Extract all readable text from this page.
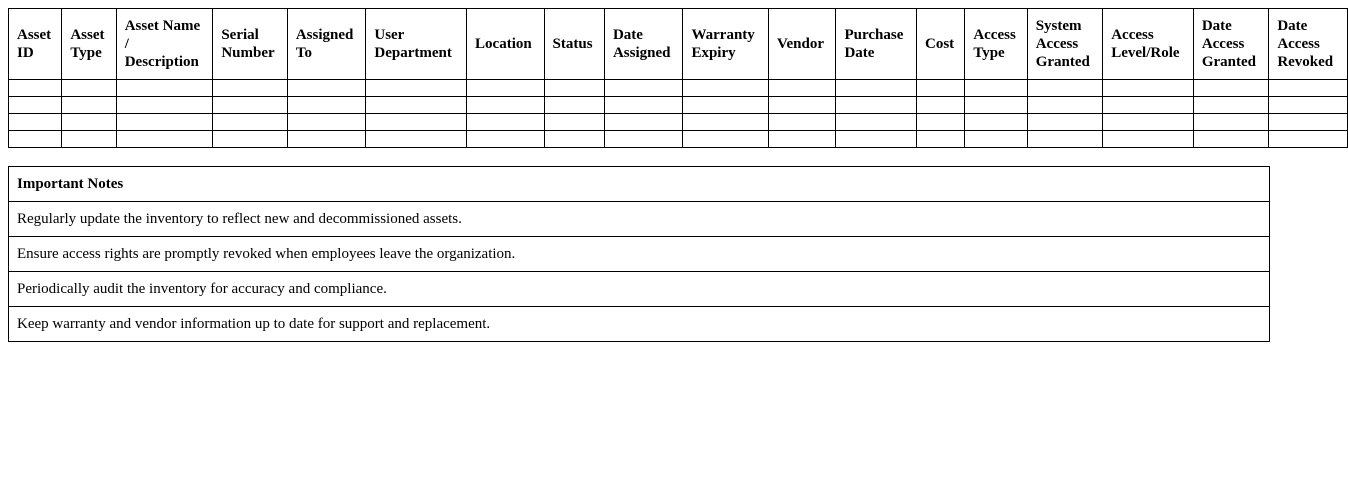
Asset ID	Asset Type	Asset Name / Description	Serial Number	Assigned To	User Department	Location	Status	Date Assigned	Warranty Expiry	Vendor	Purchase Date	Cost	Access Type	System Access Granted	Access Level/Role	Date Access Granted	Date Access Revoked

Important Notes
Regularly update the inventory to reflect new and decommissioned assets.
Ensure access rights are promptly revoked when employees leave the organization.
Periodically audit the inventory for accuracy and compliance.
Keep warranty and vendor information up to date for support and replacement.
